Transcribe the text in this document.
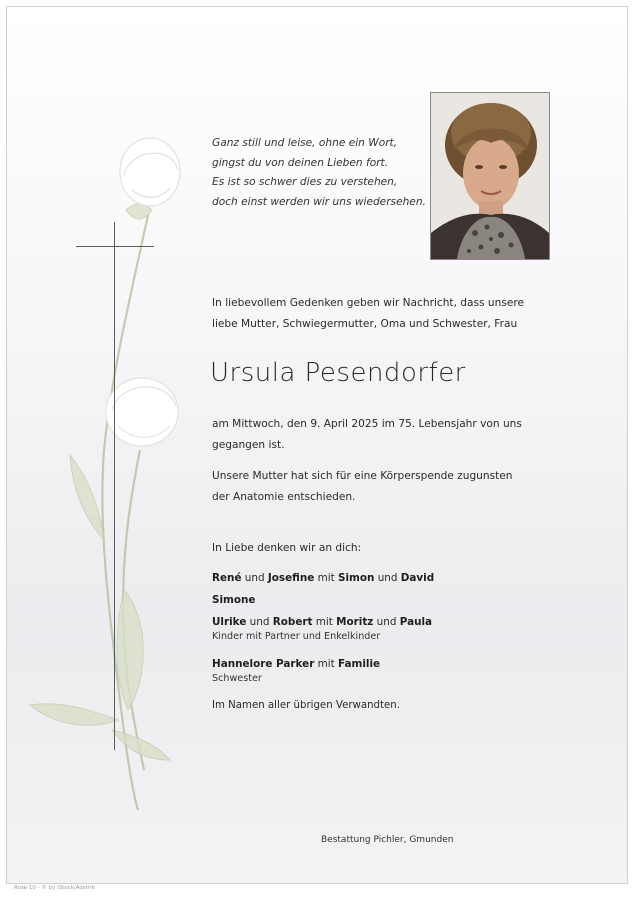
Ganz still und leise, ohne ein Wort,
gingst du von deinen Lieben fort.
Es ist so schwer dies zu verstehen,
doch einst werden wir uns wiedersehen.
In liebevollem Gedenken geben wir Nachricht, dass unsere
liebe Mutter, Schwiegermutter, Oma und Schwester, Frau
Ursula Pesendorfer
am Mittwoch, den 9. April 2025 im 75. Lebensjahr von uns
gegangen ist.
Unsere Mutter hat sich für eine Körperspende zugunsten
der Anatomie entschieden.
In Liebe denken wir an dich:
René und Josefine mit Simon und David
Simone
Ulrike und Robert mit Moritz und Paula
Kinder mit Partner und Enkelkinder
Hannelore Parker mit Familie
Schwester
Im Namen aller übrigen Verwandten.
Bestattung Pichler, Gmunden
Rose 10 - © by iStock/Aostrik
